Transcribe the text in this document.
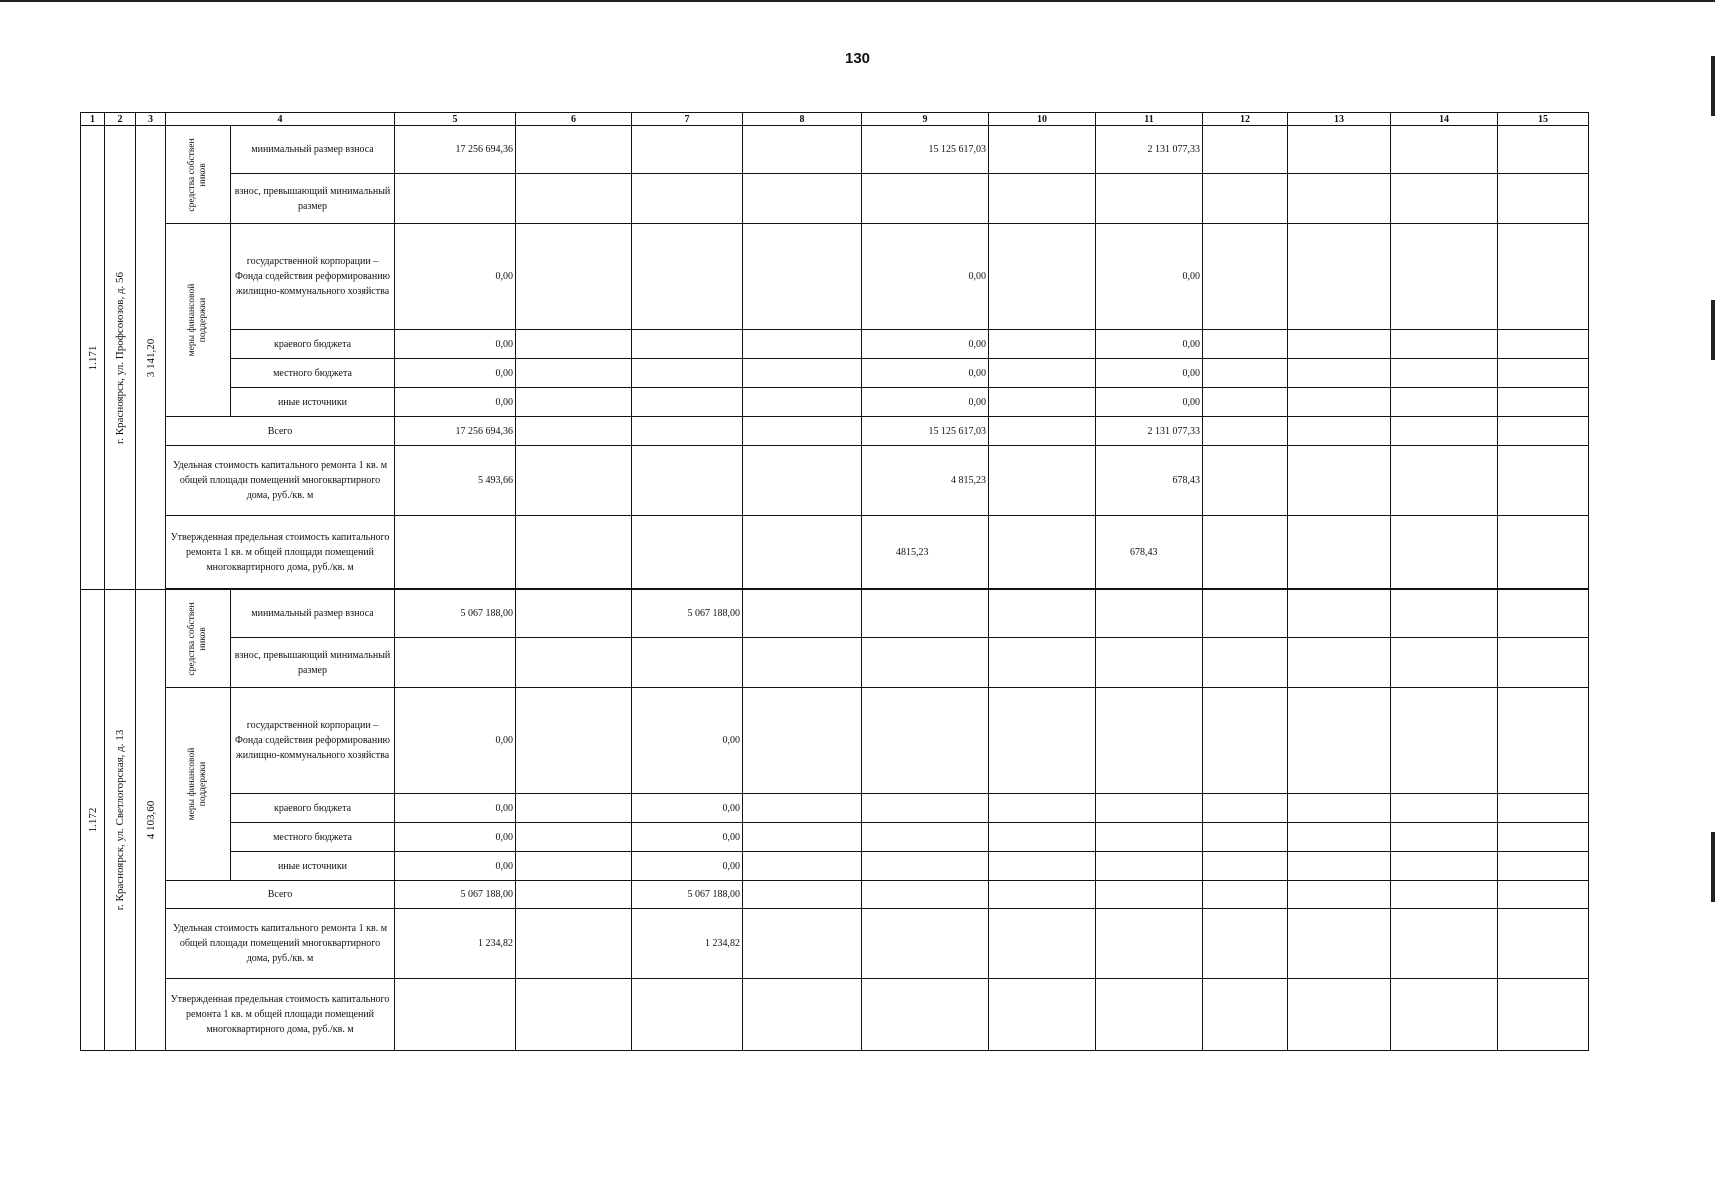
130
1	2	3	4		5	6	7	8	9	10	11	12	13	14	15

1.171	г. Красноярск, ул. Профсоюзов, д. 56	3 141,20	средства собствен ников	минимальный размер взноса	17 256 694,36				15 125 617,03		2 131 077,33				
				взнос, превышающий минимальный размер											

			меры финансовой поддержки	государственной корпорации – Фонда содействия реформированию жилищно-коммунального хозяйства	0,00				0,00		0,00				
				краевого бюджета	0,00				0,00		0,00				
				местного бюджета	0,00				0,00		0,00				
				иные источники	0,00				0,00		0,00				
			Всего		17 256 694,36				15 125 617,03		2 131 077,33				
			Удельная стоимость капитального ремонта 1 кв. м общей площади помещений многоквартирного дома, руб./кв. м		5 493,66				4 815,23		678,43				
			Утвержденная предельная стоимость капитального ремонта 1 кв. м общей площади помещений многоквартирного дома, руб./кв. м						4815,23		678,43				

1.172	г. Красноярск, ул. Светлогорская, д. 13	4 103,60	средства собствен ников	минимальный размер взноса	5 067 188,00		5 067 188,00								
				взнос, превышающий минимальный размер											

			меры финансовой поддержки	государственной корпорации – Фонда содействия реформированию жилищно-коммунального хозяйства	0,00		0,00								
				краевого бюджета	0,00		0,00								
				местного бюджета	0,00		0,00								
				иные источники	0,00		0,00								
			Всего		5 067 188,00		5 067 188,00								
			Удельная стоимость капитального ремонта 1 кв. м общей площади помещений многоквартирного дома, руб./кв. м		1 234,82		1 234,82								
			Утвержденная предельная стоимость капитального ремонта 1 кв. м общей площади помещений многоквартирного дома, руб./кв. м												
